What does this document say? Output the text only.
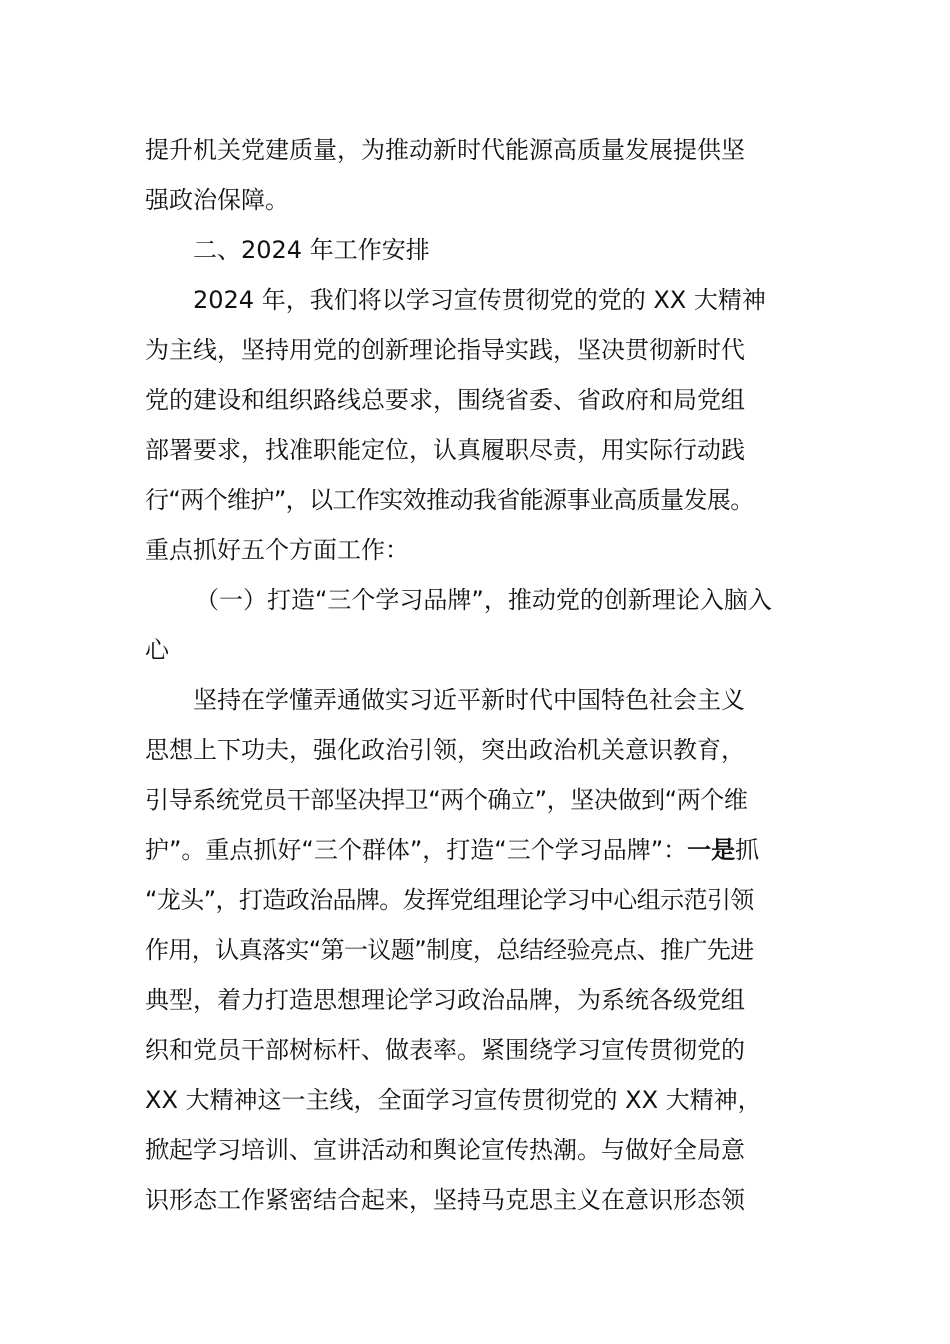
提升机关党建质量，为推动新时代能源高质量发展提供坚
强政治保障。
二、2024 年工作安排
2024 年，我们将以学习宣传贯彻党的党的 XX 大精神
为主线，坚持用党的创新理论指导实践，坚决贯彻新时代
党的建设和组织路线总要求，围绕省委、省政府和局党组
部署要求，找准职能定位，认真履职尽责，用实际行动践
行“两个维护”，以工作实效推动我省能源事业高质量发展。
重点抓好五个方面工作：
（一）打造“三个学习品牌”，推动党的创新理论入脑入
心
坚持在学懂弄通做实习近平新时代中国特色社会主义
思想上下功夫，强化政治引领，突出政治机关意识教育，
引导系统党员干部坚决捍卫“两个确立”，坚决做到“两个维
护”。重点抓好“三个群体”，打造“三个学习品牌”：一是抓
“龙头”，打造政治品牌。发挥党组理论学习中心组示范引领
作用，认真落实“第一议题”制度，总结经验亮点、推广先进
典型，着力打造思想理论学习政治品牌，为系统各级党组
织和党员干部树标杆、做表率。紧围绕学习宣传贯彻党的
XX 大精神这一主线，全面学习宣传贯彻党的 XX 大精神，
掀起学习培训、宣讲活动和舆论宣传热潮。与做好全局意
识形态工作紧密结合起来，坚持马克思主义在意识形态领
